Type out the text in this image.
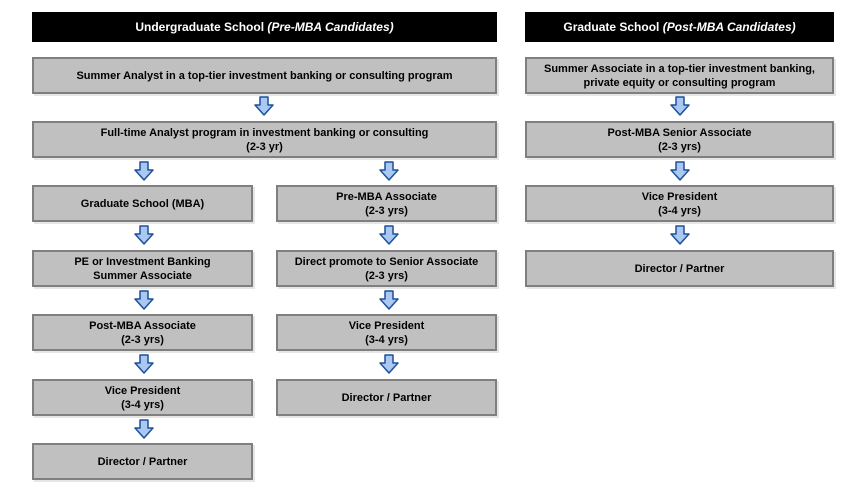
Undergraduate School
(Pre-MBA Candidates)	Graduate School
(Post-MBA Candidates)
Summer Analyst in a top-tier investment banking or consulting program
Full-time Analyst program in investment banking or consulting
(2-3 yr)
Graduate School (MBA)
PE or Investment Banking
Summer Associate
Post-MBA Associate
(2-3 yrs)
Vice President
(3-4 yrs)
Director / Partner
Pre-MBA Associate
(2-3 yrs)
Direct promote to Senior Associate
(2-3 yrs)
Vice President
(3-4 yrs)
Director / Partner
Summer Associate in a top-tier investment banking,
private equity or consulting program
Post-MBA Senior Associate
(2-3 yrs)
Vice President
(3-4 yrs)
Director / Partner
